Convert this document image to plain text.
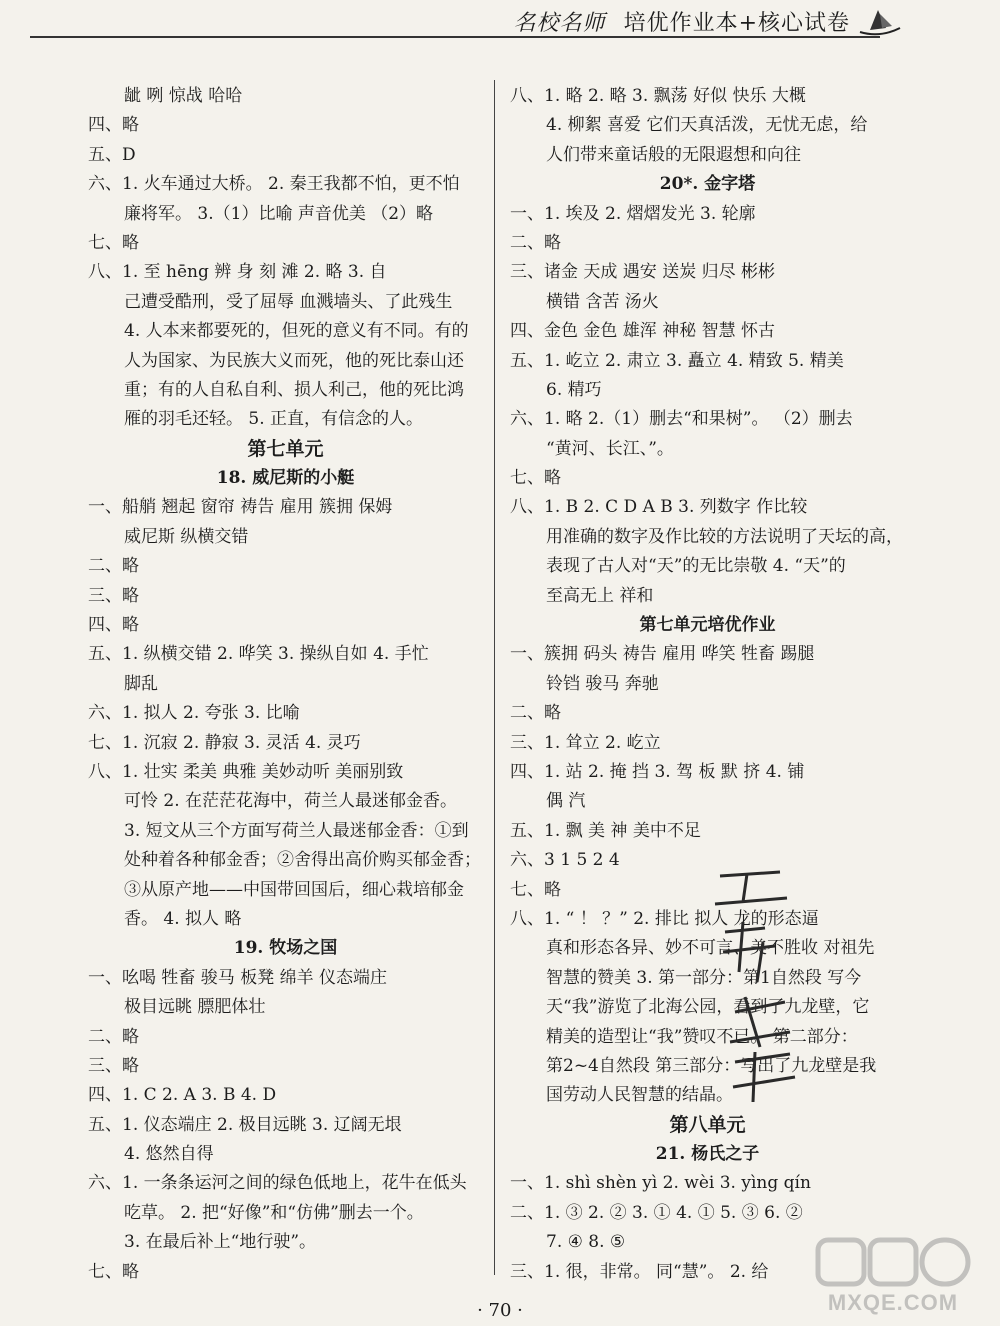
名校名师 培优作业本+核心试卷
龇 咧 惊战 哈哈
四、略
五、D
六、1. 火车通过大桥。 2. 秦王我都不怕，更不怕
廉将军。 3.（1）比喻 声音优美 （2）略
七、略
八、1. 至 hēng 辨 身 刻 滩 2. 略 3. 自
己遭受酷刑，受了屈辱 血溅墙头、了此残生
4. 人本来都要死的，但死的意义有不同。有的
人为国家、为民族大义而死，他的死比泰山还
重；有的人自私自利、损人利己，他的死比鸿
雁的羽毛还轻。 5. 正直，有信念的人。
第七单元
18. 威尼斯的小艇
一、船艄 翘起 窗帘 祷告 雇用 簇拥 保姆
威尼斯 纵横交错
二、略
三、略
四、略
五、1. 纵横交错 2. 哗笑 3. 操纵自如 4. 手忙
脚乱
六、1. 拟人 2. 夸张 3. 比喻
七、1. 沉寂 2. 静寂 3. 灵活 4. 灵巧
八、1. 壮实 柔美 典雅 美妙动听 美丽别致
可怜 2. 在茫茫花海中，荷兰人最迷郁金香。
3. 短文从三个方面写荷兰人最迷郁金香：①到
处种着各种郁金香；②舍得出高价购买郁金香；
③从原产地——中国带回国后，细心栽培郁金
香。 4. 拟人 略
19. 牧场之国
一、吆喝 牲畜 骏马 板凳 绵羊 仪态端庄
极目远眺 膘肥体壮
二、略
三、略
四、1. C 2. A 3. B 4. D
五、1. 仪态端庄 2. 极目远眺 3. 辽阔无垠
4. 悠然自得
六、1. 一条条运河之间的绿色低地上，花牛在低头
吃草。 2. 把“好像”和“仿佛”删去一个。
3. 在最后补上“地行驶”。
七、略
八、1. 略 2. 略 3. 飘荡 好似 快乐 大概
4. 柳絮 喜爱 它们天真活泼，无忧无虑，给
人们带来童话般的无限遐想和向往
20*. 金字塔
一、1. 埃及 2. 熠熠发光 3. 轮廓
二、略
三、诸金 天成 遇安 送炭 归尽 彬彬
横错 含苦 汤火
四、金色 金色 雄浑 神秘 智慧 怀古
五、1. 屹立 2. 肃立 3. 矗立 4. 精致 5. 精美
6. 精巧
六、1. 略 2.（1）删去“和果树”。 （2）删去
“黄河、长江、”。
七、略
八、1. B 2. C D A B 3. 列数字 作比较
用准确的数字及作比较的方法说明了天坛的高，
表现了古人对“天”的无比崇敬 4. “天”的
至高无上 祥和
第七单元培优作业
一、簇拥 码头 祷告 雇用 哗笑 牲畜 踢腿
铃铛 骏马 奔驰
二、略
三、1. 耸立 2. 屹立
四、1. 站 2. 掩 挡 3. 驾 板 默 挤 4. 铺
偶 汽
五、1. 飘 美 神 美中不足
六、3 1 5 2 4
七、略
八、1. “ ！ ？” 2. 排比 拟人 龙的形态逼
真和形态各异、妙不可言、美不胜收 对祖先
智慧的赞美 3. 第一部分：第1自然段 写今
天“我”游览了北海公园，看到了九龙壁，它
精美的造型让“我”赞叹不已。 第二部分：
第2~4自然段 第三部分：写出了九龙壁是我
国劳动人民智慧的结晶。
第八单元
21. 杨氏之子
一、1. shì shèn yì 2. wèi 3. yìng qín
二、1. ③ 2. ② 3. ① 4. ① 5. ③ 6. ②
7. ④ 8. ⑤
三、1. 很，非常。 同“慧”。 2. 给
· 70 ·	MXQE.COM
